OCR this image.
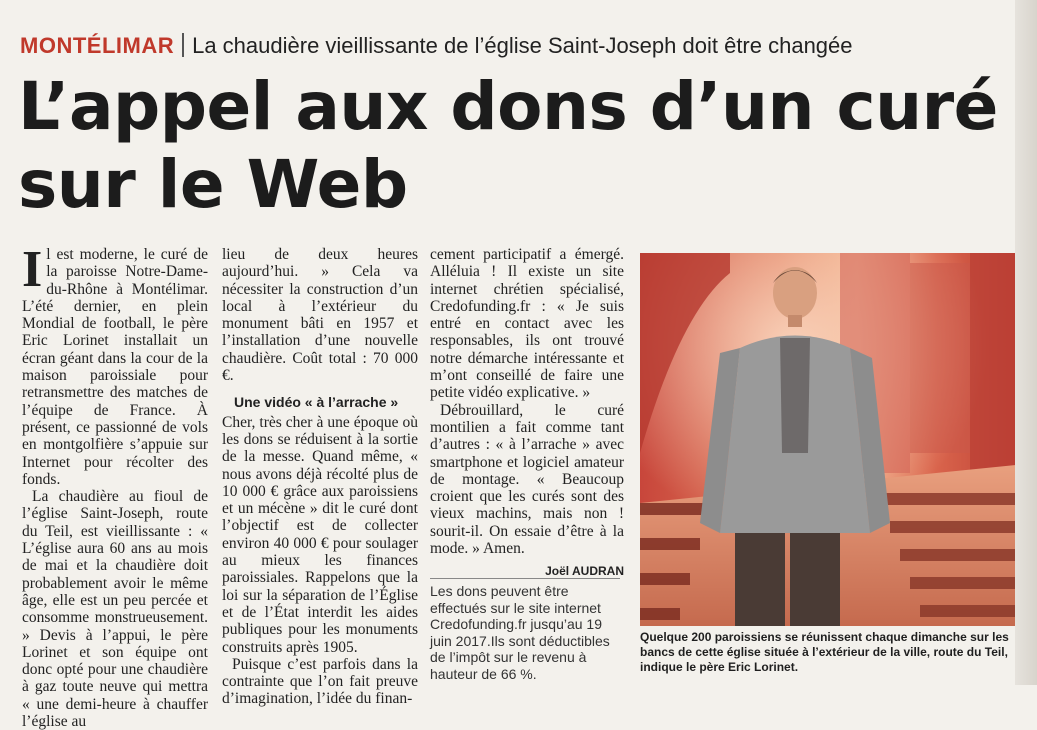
MONTÉLIMAR La chaudière vieillissante de l’église Saint-Joseph doit être changée
L’appel aux dons d’un curé sur le Web

Il est moderne, le curé de la paroisse Notre-Dame-du-Rhône à Montélimar. L’été dernier, en plein Mondial de football, le père Eric Lorinet installait un écran géant dans la cour de la maison paroissiale pour retransmettre des matches de l’équipe de France. À présent, ce passionné de vols en montgolfière s’appuie sur Internet pour récolter des fonds.

La chaudière au fioul de l’église Saint-Joseph, route du Teil, est vieillissante : « L’église aura 60 ans au mois de mai et la chaudière doit probablement avoir le même âge, elle est un peu percée et consomme monstrueusement. » Devis à l’appui, le père Lorinet et son équipe ont donc opté pour une chaudière à gaz toute neuve qui mettra « une demi-heure à chauffer l’église au

lieu de deux heures aujourd’hui. » Cela va nécessiter la construction d’un local à l’extérieur du monument bâti en 1957 et l’installation d’une nouvelle chaudière. Coût total : 70 000 €.

Une vidéo « à l’arrache »

Cher, très cher à une époque où les dons se réduisent à la sortie de la messe. Quand même, « nous avons déjà récolté plus de 10 000 € grâce aux paroissiens et un mécène » dit le curé dont l’objectif est de collecter environ 40 000 € pour soulager au mieux les finances paroissiales. Rappelons que la loi sur la séparation de l’Église et de l’État interdit les aides publiques pour les monuments construits après 1905.

Puisque c’est parfois dans la contrainte que l’on fait preuve d’imagination, l’idée du finan-

cement participatif a émergé. Alléluia ! Il existe un site internet chrétien spécialisé, Credofunding.fr : « Je suis entré en contact avec les responsables, ils ont trouvé notre démarche intéressante et m’ont conseillé de faire une petite vidéo explicative. »

Débrouillard, le curé montilien a fait comme tant d’autres : « à l’arrache » avec smartphone et logiciel amateur de montage. « Beaucoup croient que les curés sont des vieux machins, mais non ! sourit-il. On essaie d’être à la mode. » Amen.

Joël AUDRAN
Les dons peuvent être effectués sur le site internet Credofunding.fr jusqu’au 19 juin 2017.Ils sont déductibles de l’impôt sur le revenu à hauteur de 66 %.
Quelque 200 paroissiens se réunissent chaque dimanche sur les bancs de cette église située à l’extérieur de la ville, route du Teil, indique le père Eric Lorinet.
